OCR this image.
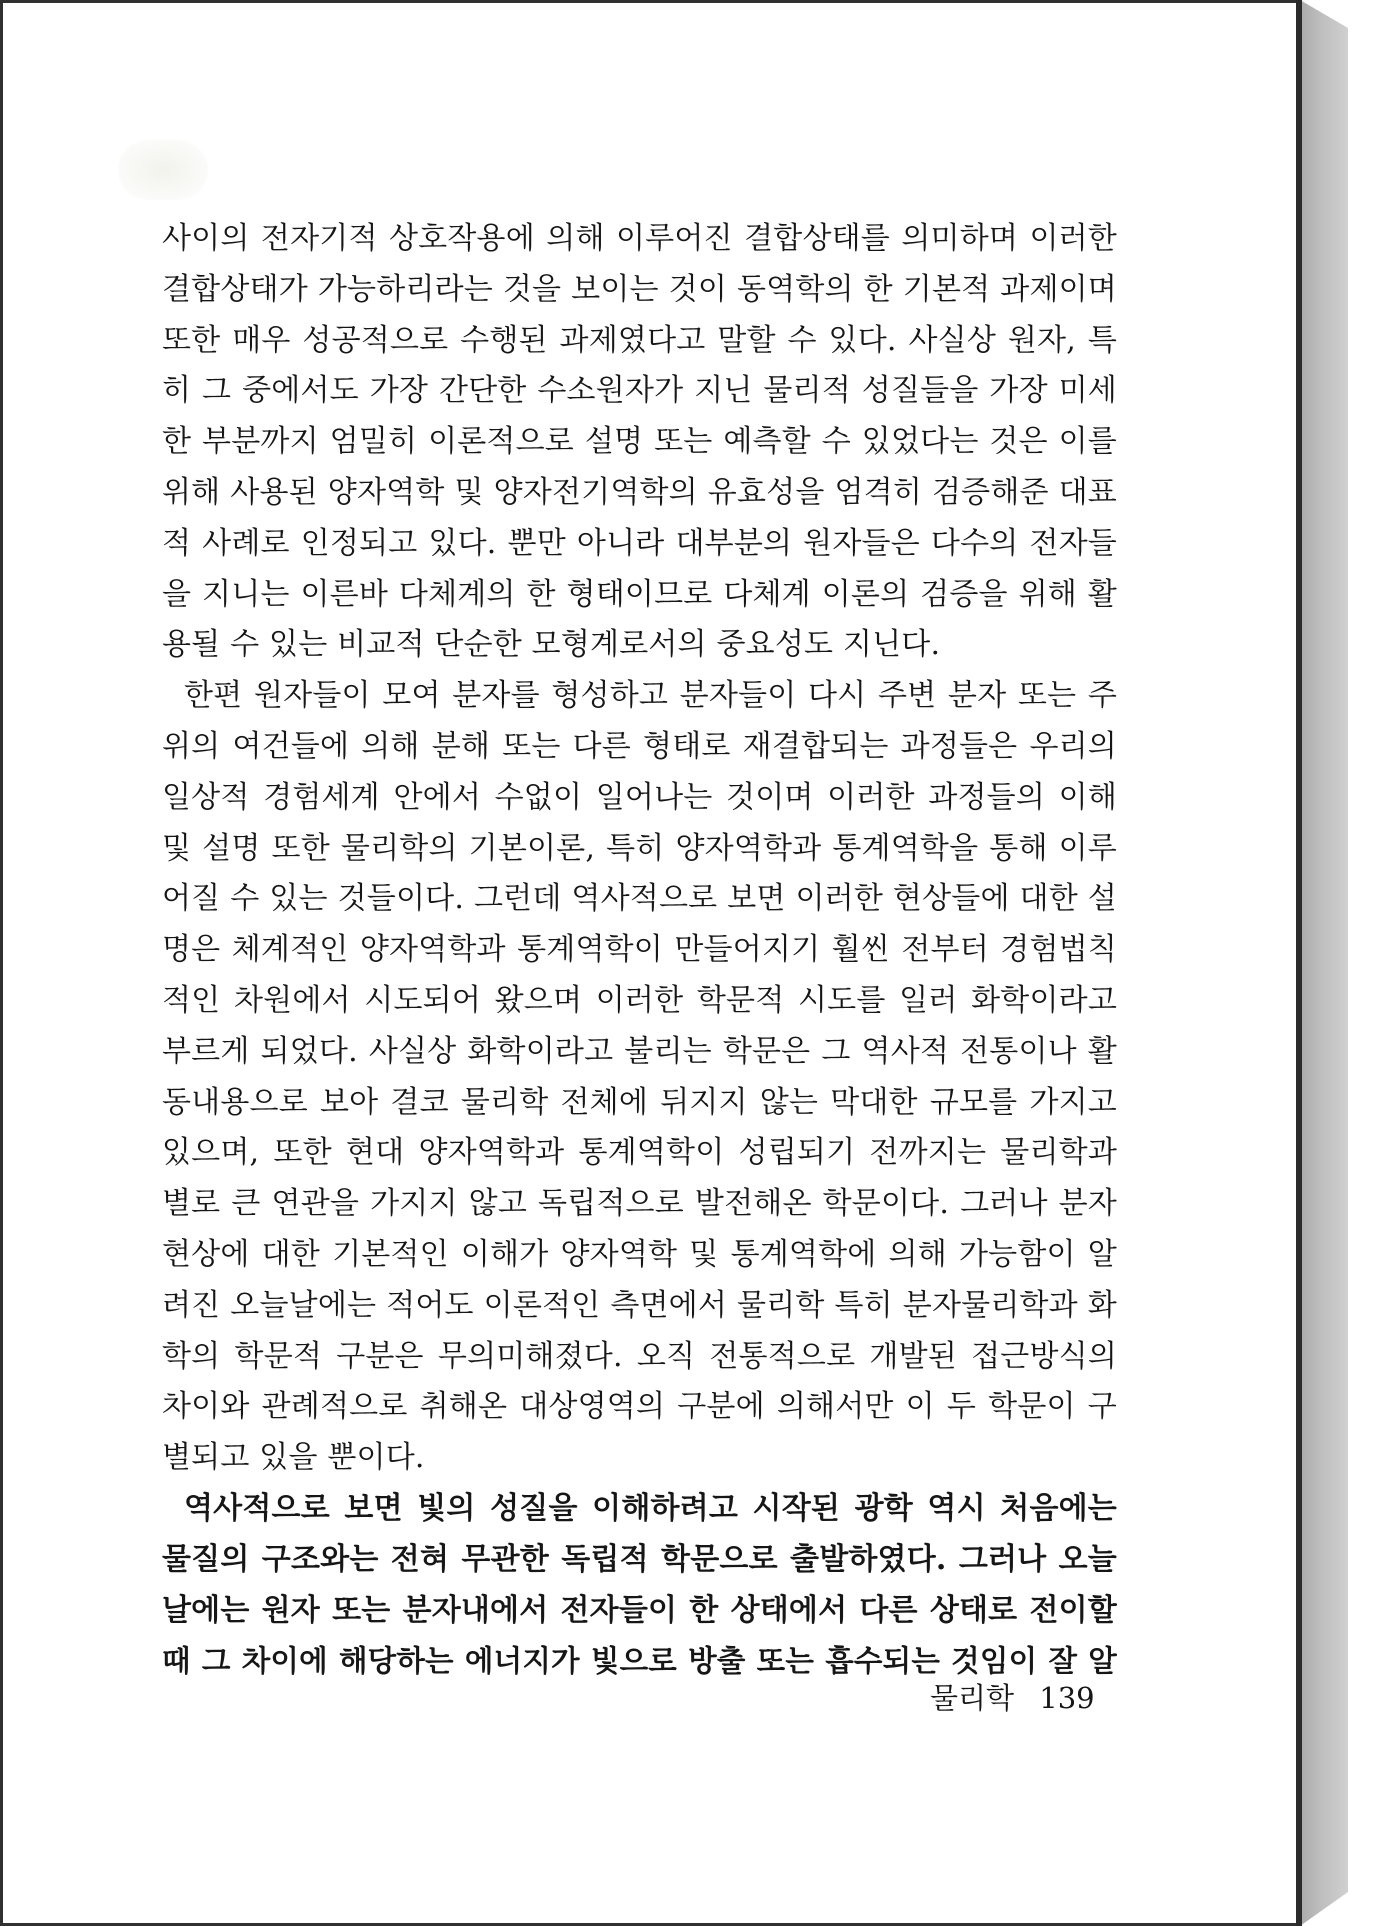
사이의 전자기적 상호작용에 의해 이루어진 결합상태를 의미하며 이러한
결합상태가 가능하리라는 것을 보이는 것이 동역학의 한 기본적 과제이며
또한 매우 성공적으로 수행된 과제였다고 말할 수 있다. 사실상 원자, 특
히 그 중에서도 가장 간단한 수소원자가 지닌 물리적 성질들을 가장 미세
한 부분까지 엄밀히 이론적으로 설명 또는 예측할 수 있었다는 것은 이를
위해 사용된 양자역학 및 양자전기역학의 유효성을 엄격히 검증해준 대표
적 사례로 인정되고 있다. 뿐만 아니라 대부분의 원자들은 다수의 전자들
을 지니는 이른바 다체계의 한 형태이므로 다체계 이론의 검증을 위해 활
용될 수 있는 비교적 단순한 모형계로서의 중요성도 지닌다.
한편 원자들이 모여 분자를 형성하고 분자들이 다시 주변 분자 또는 주
위의 여건들에 의해 분해 또는 다른 형태로 재결합되는 과정들은 우리의
일상적 경험세계 안에서 수없이 일어나는 것이며 이러한 과정들의 이해
및 설명 또한 물리학의 기본이론, 특히 양자역학과 통계역학을 통해 이루
어질 수 있는 것들이다. 그런데 역사적으로 보면 이러한 현상들에 대한 설
명은 체계적인 양자역학과 통계역학이 만들어지기 훨씬 전부터 경험법칙
적인 차원에서 시도되어 왔으며 이러한 학문적 시도를 일러 화학이라고
부르게 되었다. 사실상 화학이라고 불리는 학문은 그 역사적 전통이나 활
동내용으로 보아 결코 물리학 전체에 뒤지지 않는 막대한 규모를 가지고
있으며, 또한 현대 양자역학과 통계역학이 성립되기 전까지는 물리학과
별로 큰 연관을 가지지 않고 독립적으로 발전해온 학문이다. 그러나 분자
현상에 대한 기본적인 이해가 양자역학 및 통계역학에 의해 가능함이 알
려진 오늘날에는 적어도 이론적인 측면에서 물리학 특히 분자물리학과 화
학의 학문적 구분은 무의미해졌다. 오직 전통적으로 개발된 접근방식의
차이와 관례적으로 취해온 대상영역의 구분에 의해서만 이 두 학문이 구
별되고 있을 뿐이다.
역사적으로 보면 빛의 성질을 이해하려고 시작된 광학 역시 처음에는
물질의 구조와는 전혀 무관한 독립적 학문으로 출발하였다. 그러나 오늘
날에는 원자 또는 분자내에서 전자들이 한 상태에서 다른 상태로 전이할
때 그 차이에 해당하는 에너지가 빛으로 방출 또는 흡수되는 것임이 잘 알
물리학 139
